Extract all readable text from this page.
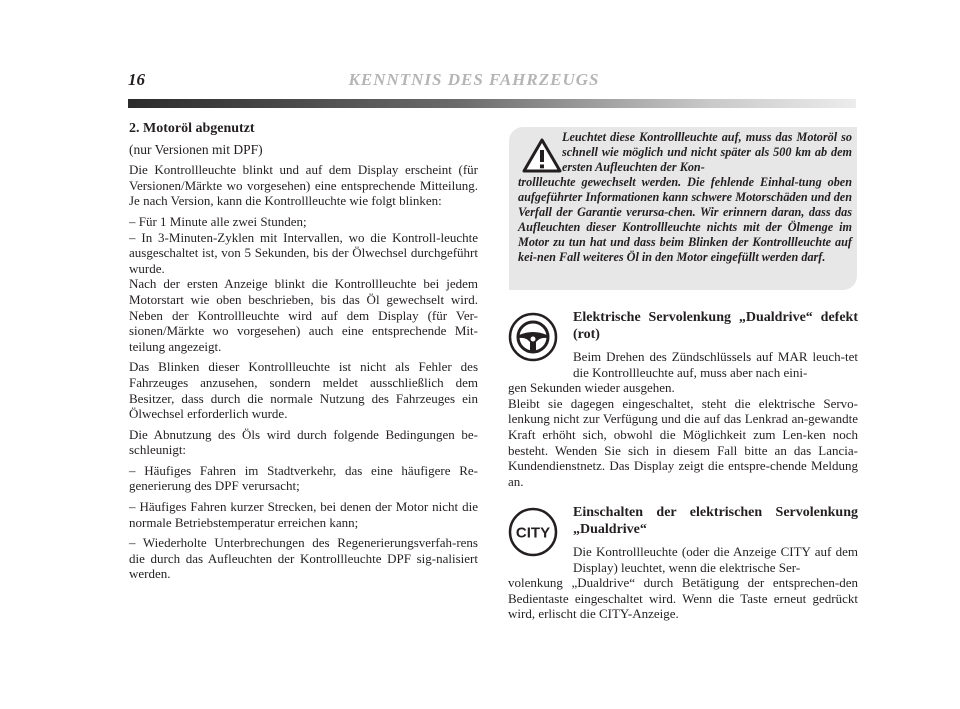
16	KENNTNIS DES FAHRZEUGS

2. Motoröl abgenutzt

(nur Versionen mit DPF)

Die Kontrollleuchte blinkt und auf dem Display erscheint (für Versionen/Märkte wo vorgesehen) eine entsprechende Mitteilung. Je nach Version, kann die Kontrollleuchte wie folgt blinken:

– Für 1 Minute alle zwei Stunden;

– In 3-Minuten-Zyklen mit Intervallen, wo die Kontroll-leuchte ausgeschaltet ist, von 5 Sekunden, bis der Ölwechsel durchgeführt wurde.

Nach der ersten Anzeige blinkt die Kontrollleuchte bei jedem Motorstart wie oben beschrieben, bis das Öl gewechselt wird. Neben der Kontrollleuchte wird auf dem Display (für Ver-sionen/Märkte wo vorgesehen) auch eine entsprechende Mit-teilung angezeigt.

Das Blinken dieser Kontrollleuchte ist nicht als Fehler des Fahrzeuges anzusehen, sondern meldet ausschließlich dem Besitzer, dass durch die normale Nutzung des Fahrzeuges ein Ölwechsel erforderlich wurde.

Die Abnutzung des Öls wird durch folgende Bedingungen be-schleunigt:

– Häufiges Fahren im Stadtverkehr, das eine häufigere Re-generierung des DPF verursacht;

– Häufiges Fahren kurzer Strecken, bei denen der Motor nicht die normale Betriebstemperatur erreichen kann;

– Wiederholte Unterbrechungen des Regenerierungsverfah-rens die durch das Aufleuchten der Kontrollleuchte DPF sig-nalisiert werden.

Leuchtet diese Kontrollleuchte auf, muss das Motoröl so schnell wie möglich und nicht später als 500 km ab dem ersten Aufleuchten der Kon-
trollleuchte gewechselt werden. Die fehlende Einhal-tung oben aufgeführter Informationen kann schwere Motorschäden und den Verfall der Garantie verursa-chen. Wir erinnern daran, dass das Aufleuchten dieser Kontrollleuchte nichts mit der Ölmenge im Motor zu tun hat und dass beim Blinken der Kontrollleuchte auf kei-nen Fall weiteres Öl in den Motor eingefüllt werden darf.

Elektrische Servolenkung „Dualdrive“ defekt (rot)

Beim Drehen des Zündschlüssels auf MAR leuch-tet die Kontrollleuchte auf, muss aber nach eini-

gen Sekunden wieder ausgehen.

Bleibt sie dagegen eingeschaltet, steht die elektrische Servo-lenkung nicht zur Verfügung und die auf das Lenkrad an-gewandte Kraft erhöht sich, obwohl die Möglichkeit zum Len-ken noch besteht. Wenden Sie sich in diesem Fall bitte an das Lancia-Kundendienstnetz. Das Display zeigt die entspre-chende Meldung an.

CITY

Einschalten der elektrischen Servolenkung „Dualdrive“

Die Kontrollleuchte (oder die Anzeige CITY auf dem Display) leuchtet, wenn die elektrische Ser-

volenkung „Dualdrive“ durch Betätigung der entsprechen-den Bedientaste eingeschaltet wird. Wenn die Taste erneut gedrückt wird, erlischt die CITY-Anzeige.
